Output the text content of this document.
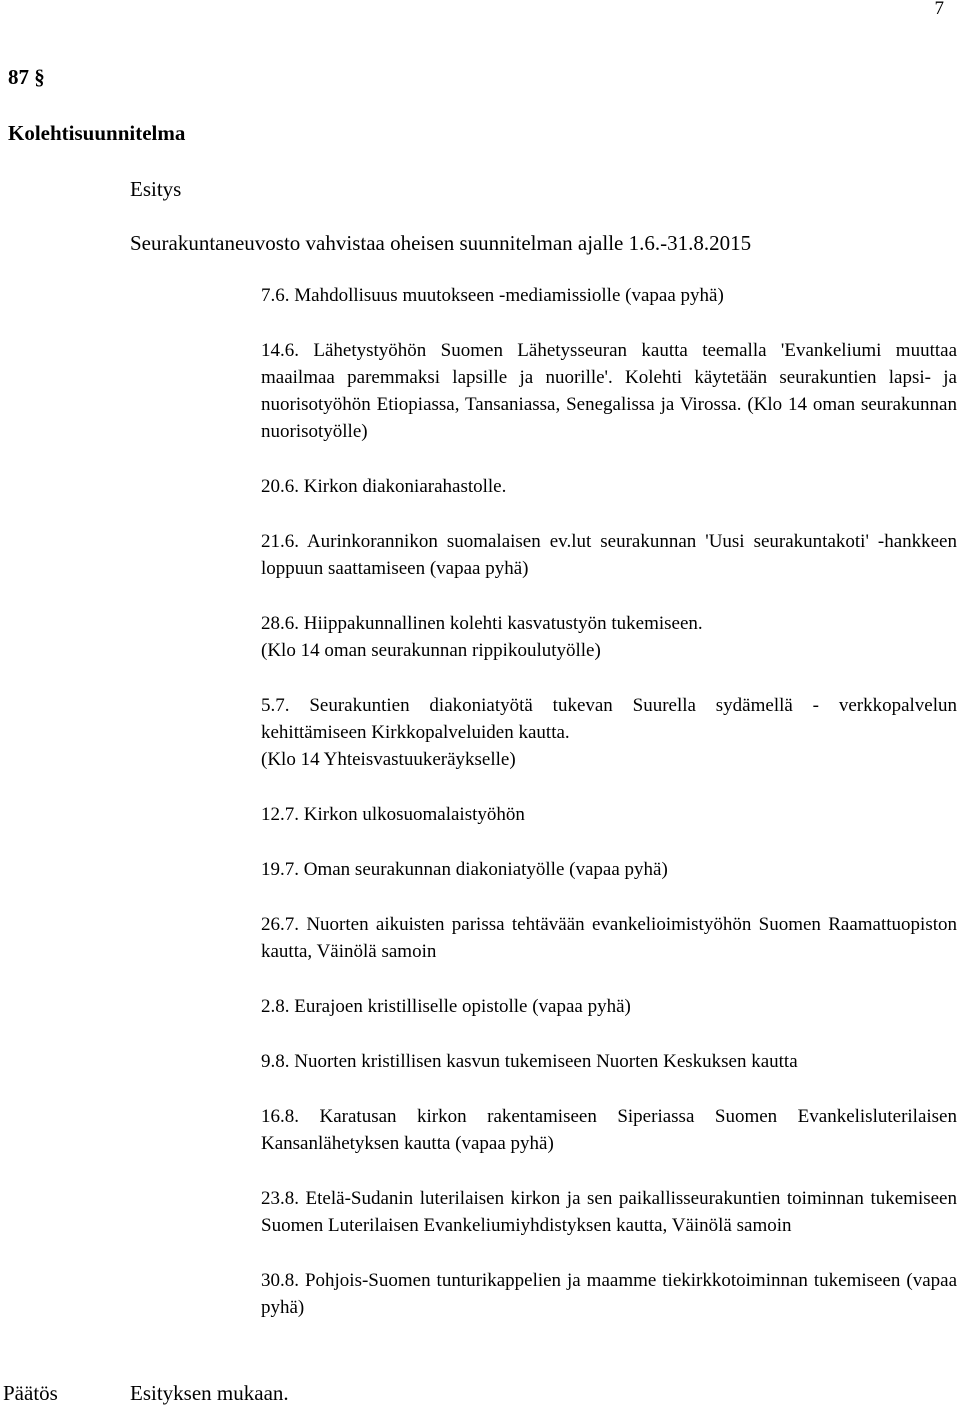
7
87 §
Kolehtisuunnitelma
Esitys
Seurakuntaneuvosto vahvistaa oheisen suunnitelman ajalle 1.6.-31.8.2015
7.6. Mahdollisuus muutokseen -mediamissiolle (vapaa pyhä)
14.6. Lähetystyöhön Suomen Lähetysseuran kautta teemalla 'Evankeliumi muuttaa maailmaa paremmaksi lapsille ja nuorille'. Kolehti käytetään seurakuntien lapsi- ja nuorisotyöhön Etiopiassa, Tansaniassa, Senegalissa ja Virossa. (Klo 14 oman seurakunnan nuorisotyölle)
20.6. Kirkon diakoniarahastolle.
21.6. Aurinkorannikon suomalaisen ev.lut seurakunnan 'Uusi seurakuntakoti' -hankkeen loppuun saattamiseen (vapaa pyhä)
28.6. Hiippakunnallinen kolehti kasvatustyön tukemiseen.
(Klo 14 oman seurakunnan rippikoulutyölle)
5.7. Seurakuntien diakoniatyötä tukevan Suurella sydämellä - verkkopalvelun kehittämiseen Kirkkopalveluiden kautta.
(Klo 14 Yhteisvastuukeräykselle)
12.7. Kirkon ulkosuomalaistyöhön
19.7. Oman seurakunnan diakoniatyölle (vapaa pyhä)
26.7. Nuorten aikuisten parissa tehtävään evankelioimistyöhön Suomen Raamattuopiston kautta, Väinölä samoin
2.8. Eurajoen kristilliselle opistolle (vapaa pyhä)
9.8. Nuorten kristillisen kasvun tukemiseen Nuorten Keskuksen kautta
16.8. Karatusan kirkon rakentamiseen Siperiassa Suomen Evankelisluterilaisen Kansanlähetyksen kautta (vapaa pyhä)
23.8. Etelä-Sudanin luterilaisen kirkon ja sen paikallisseurakuntien toiminnan tukemiseen Suomen Luterilaisen Evankeliumiyhdistyksen kautta, Väinölä samoin
30.8. Pohjois-Suomen tunturikappelien ja maamme tiekirkkotoiminnan tukemiseen (vapaa pyhä)
Päätös	Esityksen mukaan.
